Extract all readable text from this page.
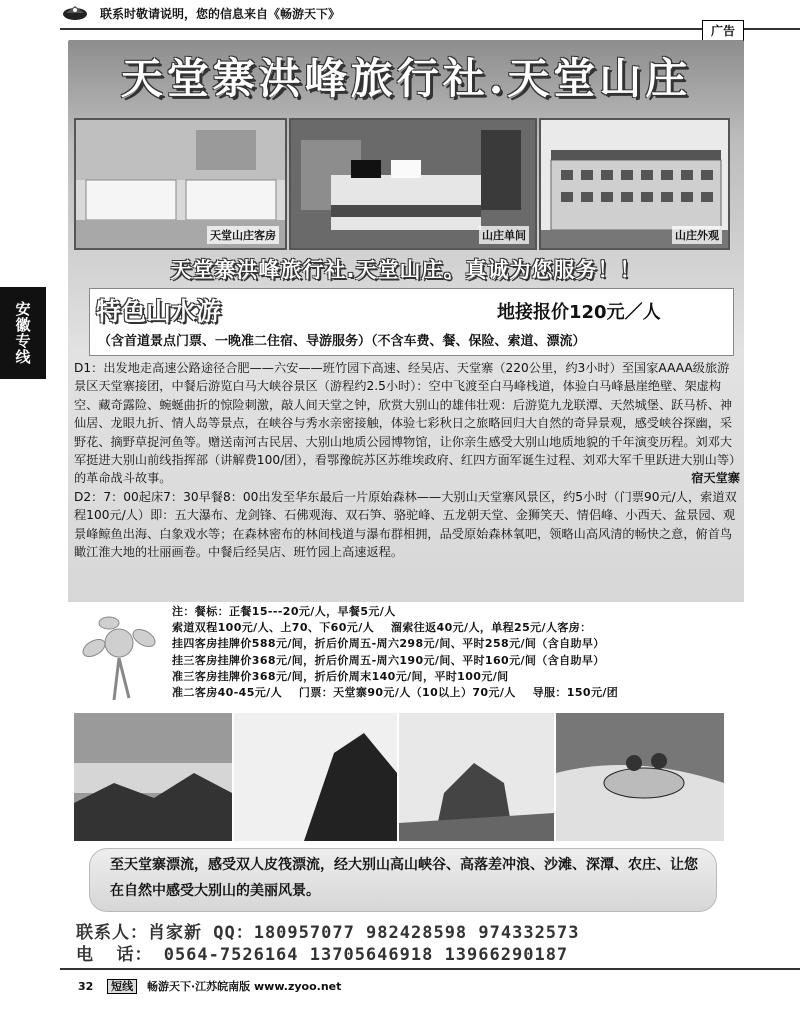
联系时敬请说明，您的信息来自《畅游天下》
广告
安徽专线
天堂寨洪峰旅行社.天堂山庄
天堂山庄客房	山庄单间	山庄外观
天堂寨洪峰旅行社.天堂山庄。真诚为您服务！！
特色山水游	地接报价120元／人
（含首道景点门票、一晚准二住宿、导游服务）（不含车费、餐、保险、索道、漂流）
D1：出发地走高速公路途径合肥——六安——班竹园下高速、经吴店、天堂寨（220公里，约3小时）至国家AAAA级旅游景区天堂寨接团，中餐后游览白马大峡谷景区（游程约2.5小时）：空中飞渡至白马峰栈道，体验白马峰悬崖绝壁、架虚构空、藏奇露险、蜿蜒曲折的惊险刺激，敲人间天堂之钟，欣赏大别山的雄伟壮观：后游览九龙联潭、天然城堡、跃马桥、神仙居、龙眼九折、情人岛等景点，在峡谷与秀水亲密接触，体验七彩秋日之旅略回归大自然的奇异景观，感受峡谷探幽，采野花、摘野草捉河鱼等。赠送南河古民居、大别山地质公园博物馆，让你亲生感受大别山地质地貌的千年演变历程。刘邓大军挺进大别山前线指挥部（讲解费100/团），看鄂豫皖苏区苏维埃政府、红四方面军诞生过程、刘邓大军千里跃进大别山等）的革命战斗故事。	宿天堂寨
D2：7：00起床7：30早餐8：00出发至华东最后一片原始森林——大别山天堂寨风景区，约5小时（门票90元/人，索道双程100元/人）即：五大瀑布、龙剑锋、石佛观海、双石笋、骆驼峰、五龙朝天堂、金狮笑天、情侣峰、小西天、盆景园、观景峰鲸鱼出海、白象戏水等；在森林密布的林间栈道与瀑布群相拥，品受原始森林氧吧，领略山高风清的畅快之意，俯首鸟瞰江淮大地的壮丽画卷。中餐后经吴店、班竹园上高速返程。
注：餐标：正餐15---20元/人，早餐5元/人
索道双程100元/人、上70、下60元/人    溜索往返40元/人，单程25元/人客房：
挂四客房挂牌价588元/间，折后价周五-周六298元/间、平时258元/间（含自助早）
挂三客房挂牌价368元/间，折后价周五-周六190元/间、平时160元/间（含自助早）
准三客房挂牌价368元/间，折后价周末140元/间，平时100元/间
准二客房40-45元/人    门票：天堂寨90元/人（10以上）70元/人    导服：150元/团
至天堂寨漂流，感受双人皮筏漂流，经大别山高山峡谷、高落差冲浪、沙滩、深潭、农庄、让您在自然中感受大别山的美丽风景。
联系人：肖家新 QQ：180957077 982428598 974332573
电  话： 0564-7526164 13705646918 13966290187
32 短线 畅游天下·江苏皖南版 www.zyoo.net
